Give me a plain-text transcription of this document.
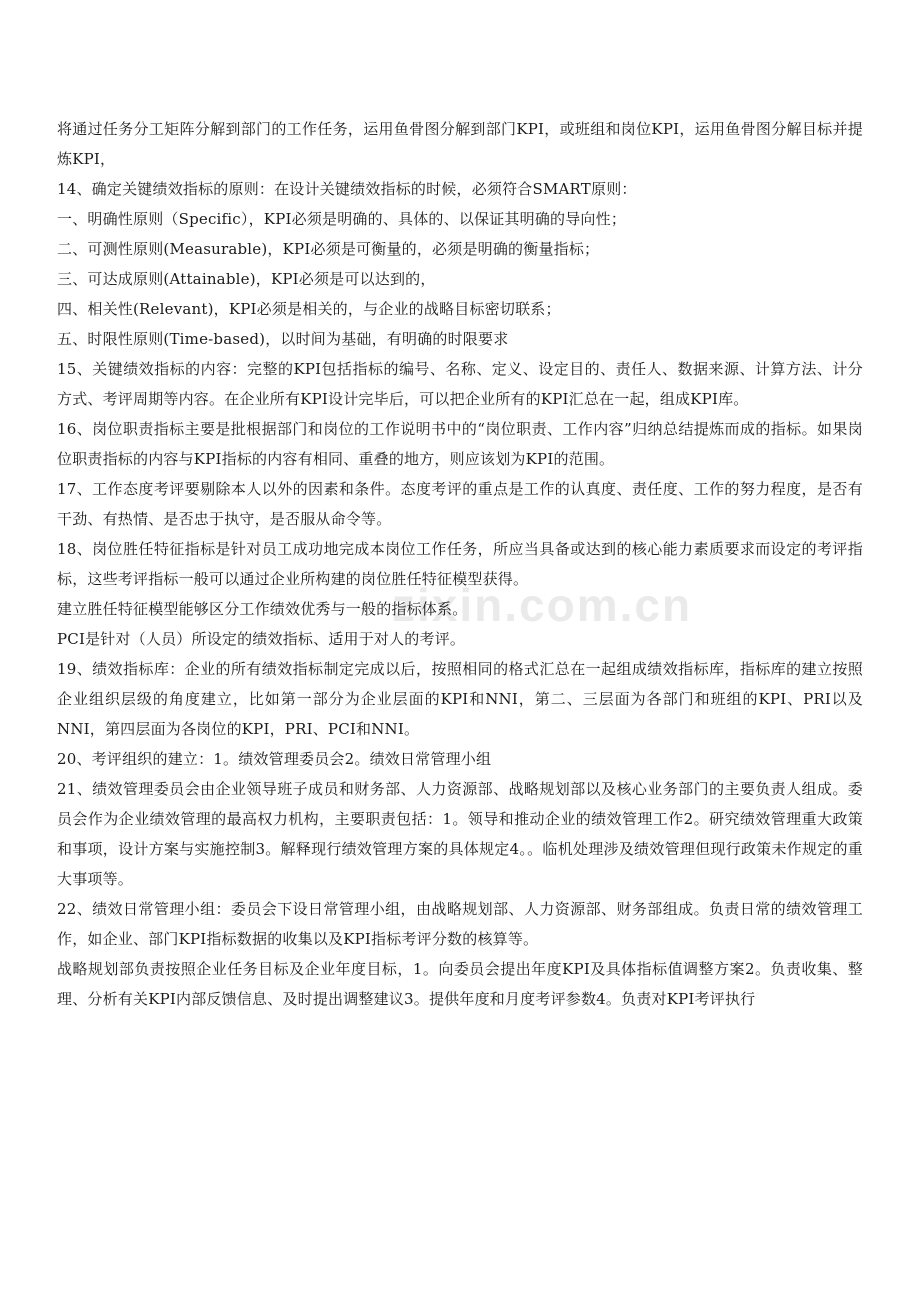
zixin.com.cn

将通过任务分工矩阵分解到部门的工作任务，运用鱼骨图分解到部门KPI，或班组和岗位KPI，运用鱼骨图分解目标并提炼KPI，

14、确定关键绩效指标的原则：在设计关键绩效指标的时候，必须符合SMART原则：

一、明确性原则（Specific），KPI必须是明确的、具体的、以保证其明确的导向性；

二、可测性原则(Measurable)，KPI必须是可衡量的，必须是明确的衡量指标；

三、可达成原则(Attainable)，KPI必须是可以达到的，

四、相关性(Relevant)，KPI必须是相关的，与企业的战略目标密切联系；

五、时限性原则(Time-based)，以时间为基础，有明确的时限要求

15、关键绩效指标的内容：完整的KPI包括指标的编号、名称、定义、设定目的、责任人、数据来源、计算方法、计分方式、考评周期等内容。在企业所有KPI设计完毕后，可以把企业所有的KPI汇总在一起，组成KPI库。

16、岗位职责指标主要是批根据部门和岗位的工作说明书中的“岗位职责、工作内容”归纳总结提炼而成的指标。如果岗位职责指标的内容与KPI指标的内容有相同、重叠的地方，则应该划为KPI的范围。

17、工作态度考评要剔除本人以外的因素和条件。态度考评的重点是工作的认真度、责任度、工作的努力程度，是否有干劲、有热情、是否忠于执守，是否服从命令等。

18、岗位胜任特征指标是针对员工成功地完成本岗位工作任务，所应当具备或达到的核心能力素质要求而设定的考评指标，这些考评指标一般可以通过企业所构建的岗位胜任特征模型获得。

建立胜任特征模型能够区分工作绩效优秀与一般的指标体系。

PCI是针对（人员）所设定的绩效指标、适用于对人的考评。

19、绩效指标库：企业的所有绩效指标制定完成以后，按照相同的格式汇总在一起组成绩效指标库，指标库的建立按照企业组织层级的角度建立，比如第一部分为企业层面的KPI和NNI，第二、三层面为各部门和班组的KPI、PRI以及NNI，第四层面为各岗位的KPI，PRI、PCI和NNI。

20、考评组织的建立：1。绩效管理委员会2。绩效日常管理小组

21、绩效管理委员会由企业领导班子成员和财务部、人力资源部、战略规划部以及核心业务部门的主要负责人组成。委员会作为企业绩效管理的最高权力机构，主要职责包括：1。领导和推动企业的绩效管理工作2。研究绩效管理重大政策和事项，设计方案与实施控制3。解释现行绩效管理方案的具体规定4。。临机处理涉及绩效管理但现行政策未作规定的重大事项等。

22、绩效日常管理小组：委员会下设日常管理小组，由战略规划部、人力资源部、财务部组成。负责日常的绩效管理工作，如企业、部门KPI指标数据的收集以及KPI指标考评分数的核算等。

战略规划部负责按照企业任务目标及企业年度目标，1。向委员会提出年度KPI及具体指标值调整方案2。负责收集、整理、分析有关KPI内部反馈信息、及时提出调整建议3。提供年度和月度考评参数4。负责对KPI考评执行
